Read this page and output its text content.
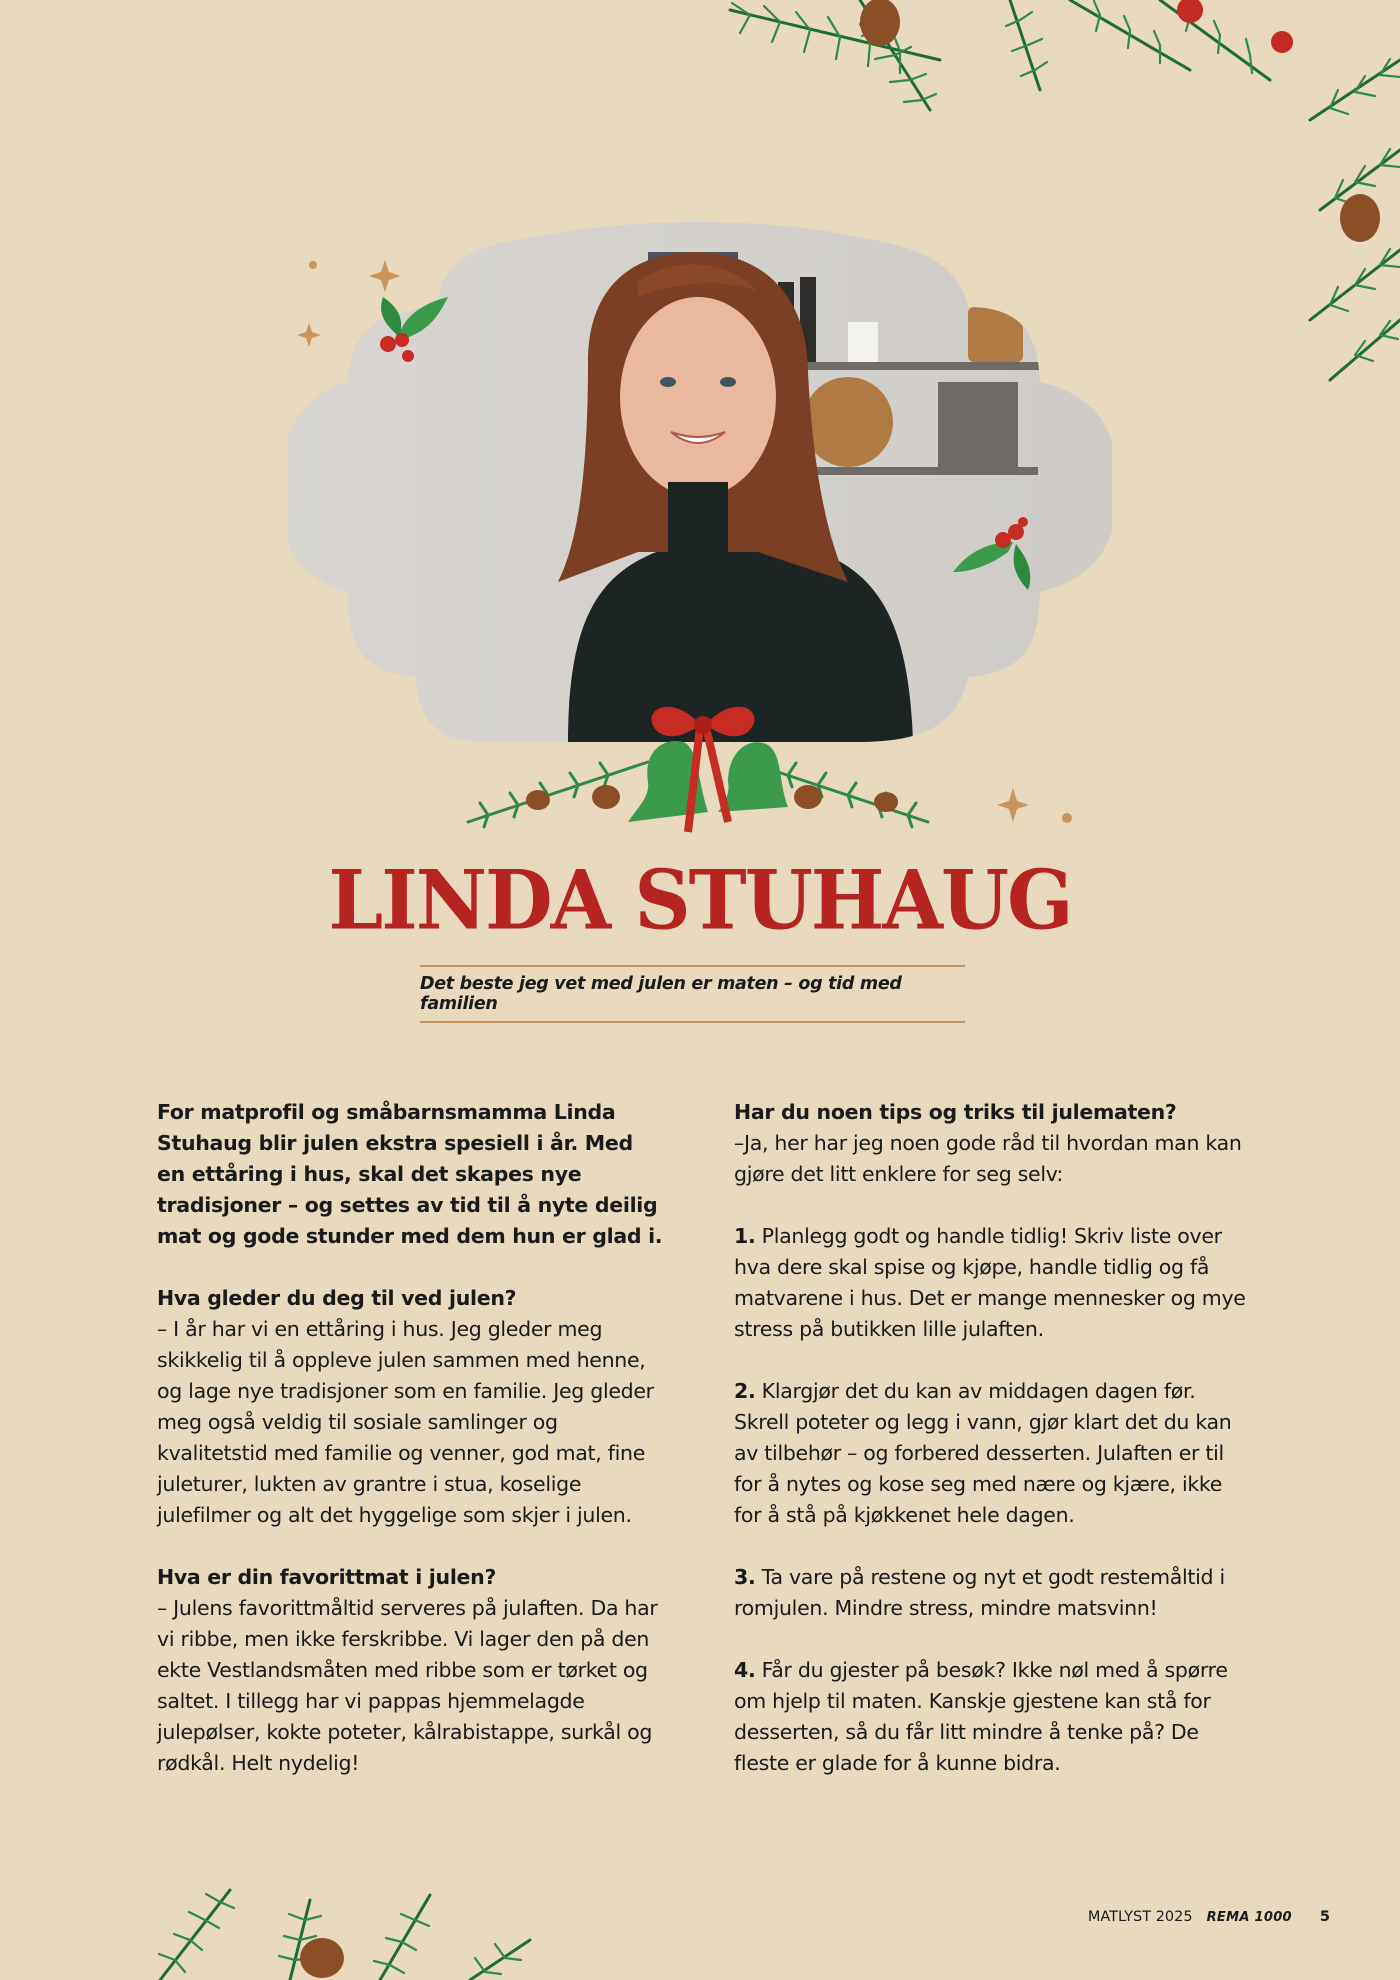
LINDA STUHAUG
Det beste jeg vet med julen er maten – og tid med familien

For matprofil og småbarnsmamma Linda Stuhaug blir julen ekstra spesiell i år. Med en ettåring i hus, skal det skapes nye tradisjoner – og settes av tid til å nyte deilig mat og gode stunder med dem hun er glad i.

Hva gleder du deg til ved julen?
– I år har vi en ettåring i hus. Jeg gleder meg skikkelig til å oppleve julen sammen med henne, og lage nye tradisjoner som en familie. Jeg gleder meg også veldig til sosiale samlinger og kvalitetstid med familie og venner, god mat, fine juleturer, lukten av grantre i stua, koselige julefilmer og alt det hyggelige som skjer i julen.

Hva er din favorittmat i julen?
– Julens favorittmåltid serveres på julaften. Da har vi ribbe, men ikke ferskribbe. Vi lager den på den ekte Vestlandsmåten med ribbe som er tørket og saltet. I tillegg har vi pappas hjemmelagde julepølser, kokte poteter, kålrabistappe, surkål og rødkål. Helt nydelig!

Har du noen tips og triks til julematen?
–Ja, her har jeg noen gode råd til hvordan man kan gjøre det litt enklere for seg selv:

1. Planlegg godt og handle tidlig! Skriv liste over hva dere skal spise og kjøpe, handle tidlig og få matvarene i hus. Det er mange mennesker og mye stress på butikken lille julaften.

2. Klargjør det du kan av middagen dagen før. Skrell poteter og legg i vann, gjør klart det du kan av tilbehør – og forbered desserten. Julaften er til for å nytes og kose seg med nære og kjære, ikke for å stå på kjøkkenet hele dagen.

3. Ta vare på restene og nyt et godt restemåltid i romjulen. Mindre stress, mindre matsvinn!

4. Får du gjester på besøk? Ikke nøl med å spørre om hjelp til maten. Kanskje gjestene kan stå for desserten, så du får litt mindre å tenke på? De fleste er glade for å kunne bidra.

MATLYST 2025 REMA 1000 5
